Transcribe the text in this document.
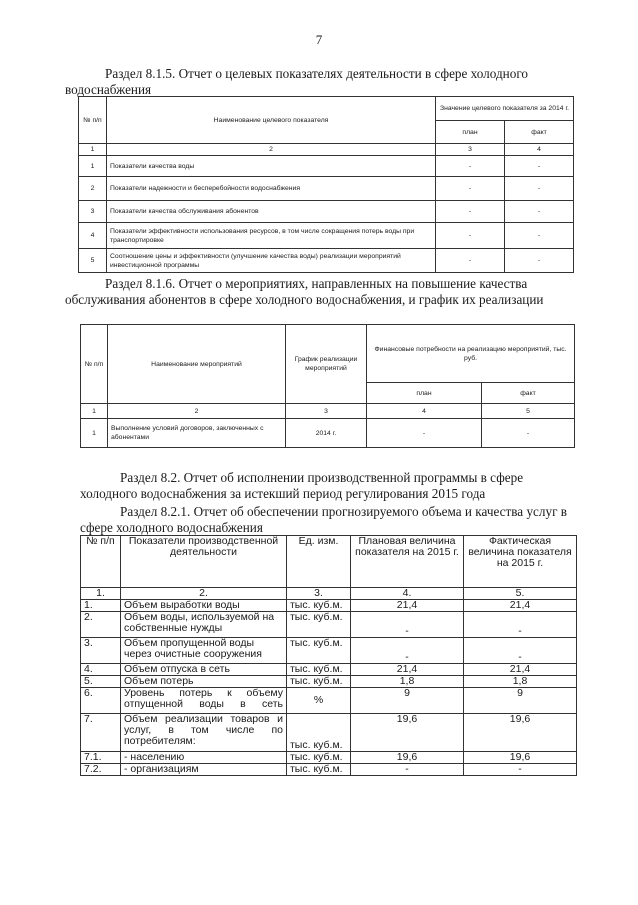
7
Раздел 8.1.5. Отчет о целевых показателях деятельности в сфере холодного водоснабжения
№ п/п	Наименование целевого показателя	Значение целевого показателя за 2014 г.	
		план	факт
1	2	3	4
1	Показатели качества воды	-	-
2	Показатели надежности и бесперебойности водоснабжения	-	-
3	Показатели качества обслуживания абонентов	-	-
4	Показатели эффективности использования ресурсов, в том числе сокращения потерь воды при транспортировке	-	-
5	Соотношение цены и эффективности (улучшение качества воды) реализации мероприятий инвестиционной программы	-	-
Раздел 8.1.6. Отчет о мероприятиях, направленных на повышение качества обслуживания абонентов в сфере холодного водоснабжения, и график их реализации
№ п/п	Наименование мероприятий	График реализации мероприятий	Финансовые потребности на реализацию мероприятий, тыс. руб.	
			план	факт
1	2	3	4	5
1	Выполнение условий договоров, заключенных с абонентами	2014 г.	-	-
Раздел 8.2. Отчет об исполнении производственной программы в сфере холодного водоснабжения за истекший период регулирования 2015 года
Раздел 8.2.1. Отчет об обеспечении прогнозируемого объема и качества услуг в сфере холодного водоснабжения
№ п/п	Показатели производственной деятельности	Ед. изм.	Плановая величина показателя на 2015 г.	Фактическая величина показателя на 2015 г.
1.	2.	3.	4.	5.
1.	Объем выработки воды	тыс. куб.м.	21,4	21,4
2.	Объем воды, используемой на собственные нужды	тыс. куб.м.	-	-
3.	Объем пропущенной воды через очистные сооружения	тыс. куб.м.	-	-
4.	Объем отпуска в сеть	тыс. куб.м.	21,4	21,4
5.	Объем потерь	тыс. куб.м.	1,8	1,8
6.	Уровень потерь к объему отпущенной воды в сеть	%	9	9
7.	Объем реализации товаров и услуг, в том числе по потребителям:	тыс. куб.м.	19,6	19,6
7.1.	- населению	тыс. куб.м.	19,6	19,6
7.2.	- организациям	тыс. куб.м.	-	-
